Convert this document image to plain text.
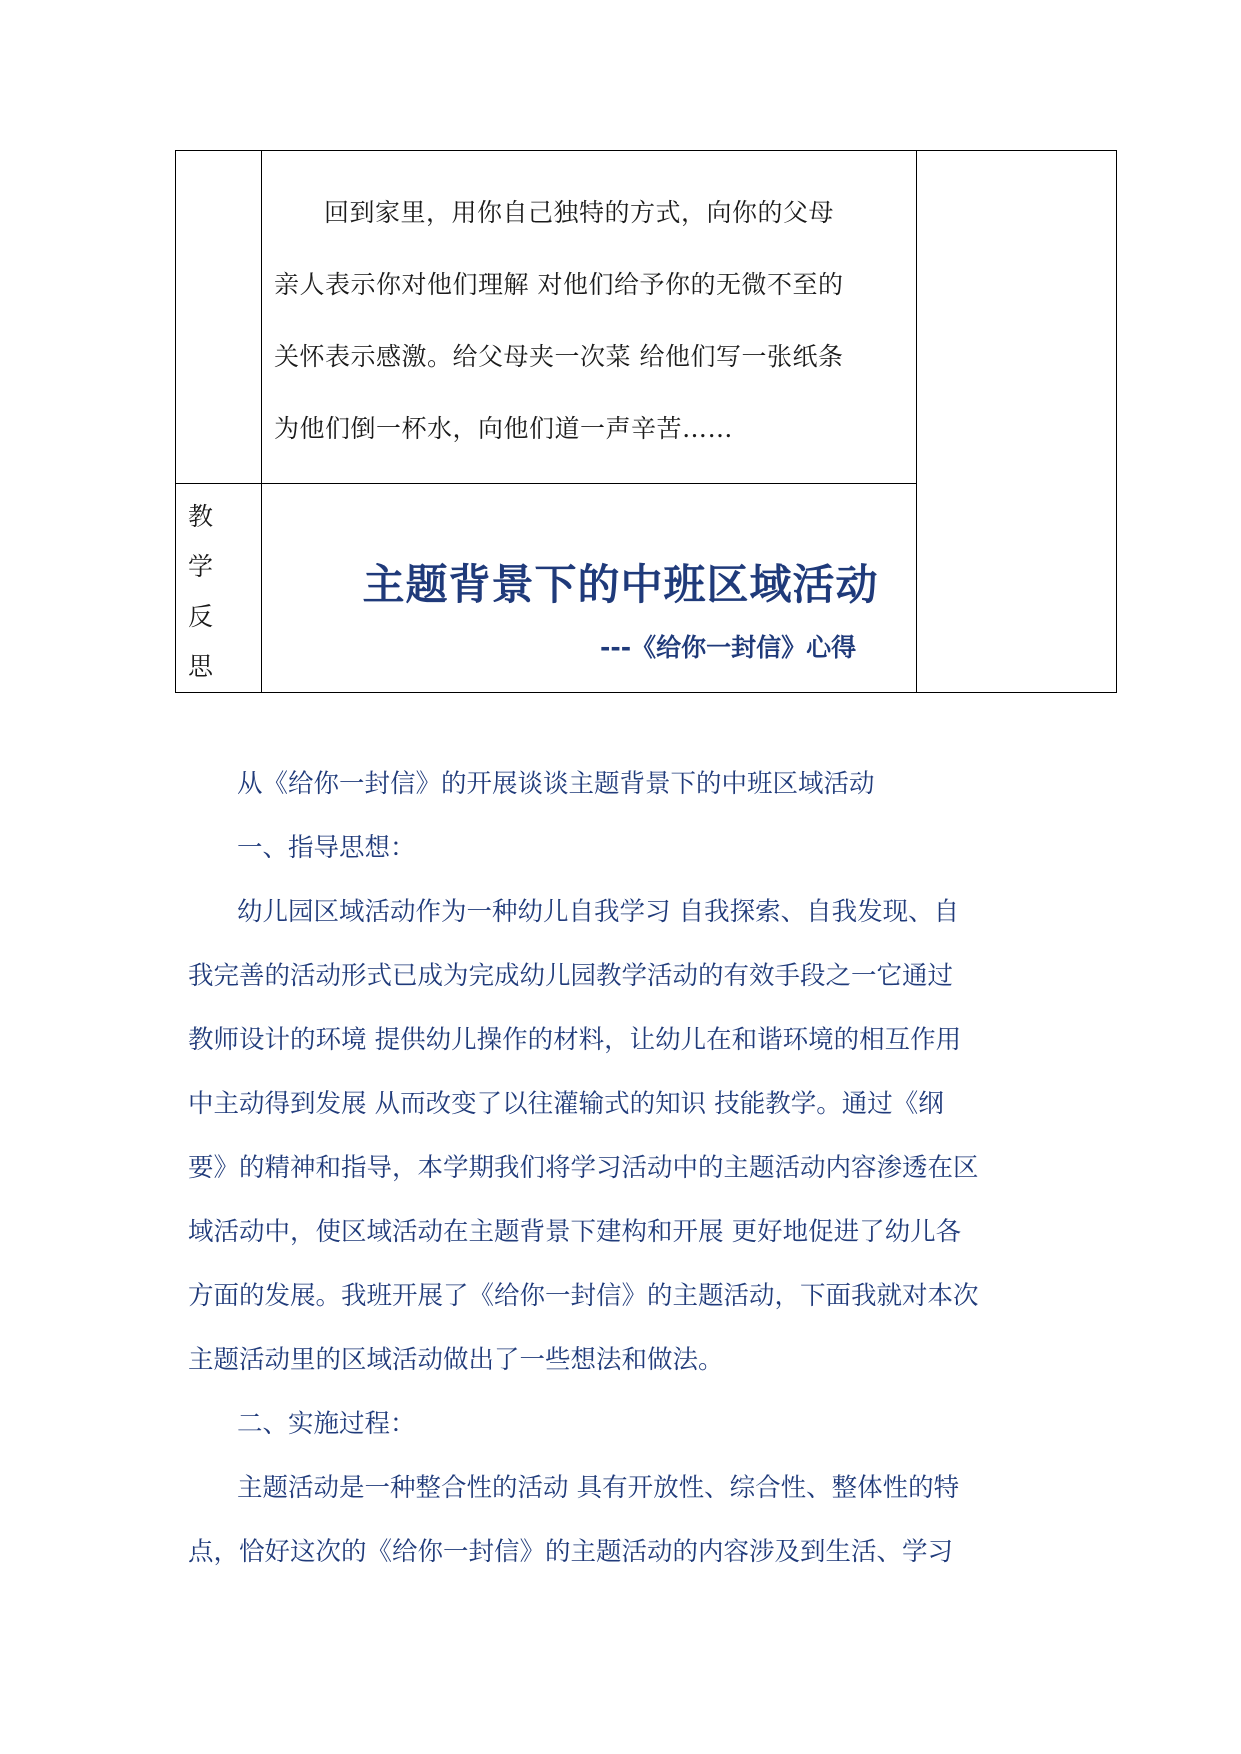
	回到家里，用你自己独特的方式，向你的父母

亲人表示你对他们理解 对他们给予你的无微不至的

关怀表示感激。给父母夹一次菜 给他们写一张纸条

为他们倒一杯水，向他们道一声辛苦……	

教学
反思		

主题背景下的中班区域活动
---《给你一封信》心得
从《给你一封信》的开展谈谈主题背景下的中班区域活动
一、指导思想：
幼儿园区域活动作为一种幼儿自我学习 自我探索、自我发现、自
我完善的活动形式已成为完成幼儿园教学活动的有效手段之一它通过
教师设计的环境 提供幼儿操作的材料，让幼儿在和谐环境的相互作用
中主动得到发展 从而改变了以往灌输式的知识 技能教学。通过《纲
要》的精神和指导，本学期我们将学习活动中的主题活动内容渗透在区
域活动中，使区域活动在主题背景下建构和开展 更好地促进了幼儿各
方面的发展。我班开展了《给你一封信》的主题活动，下面我就对本次
主题活动里的区域活动做出了一些想法和做法。
二、实施过程：
主题活动是一种整合性的活动 具有开放性、综合性、整体性的特
点，恰好这次的《给你一封信》的主题活动的内容涉及到生活、学习
